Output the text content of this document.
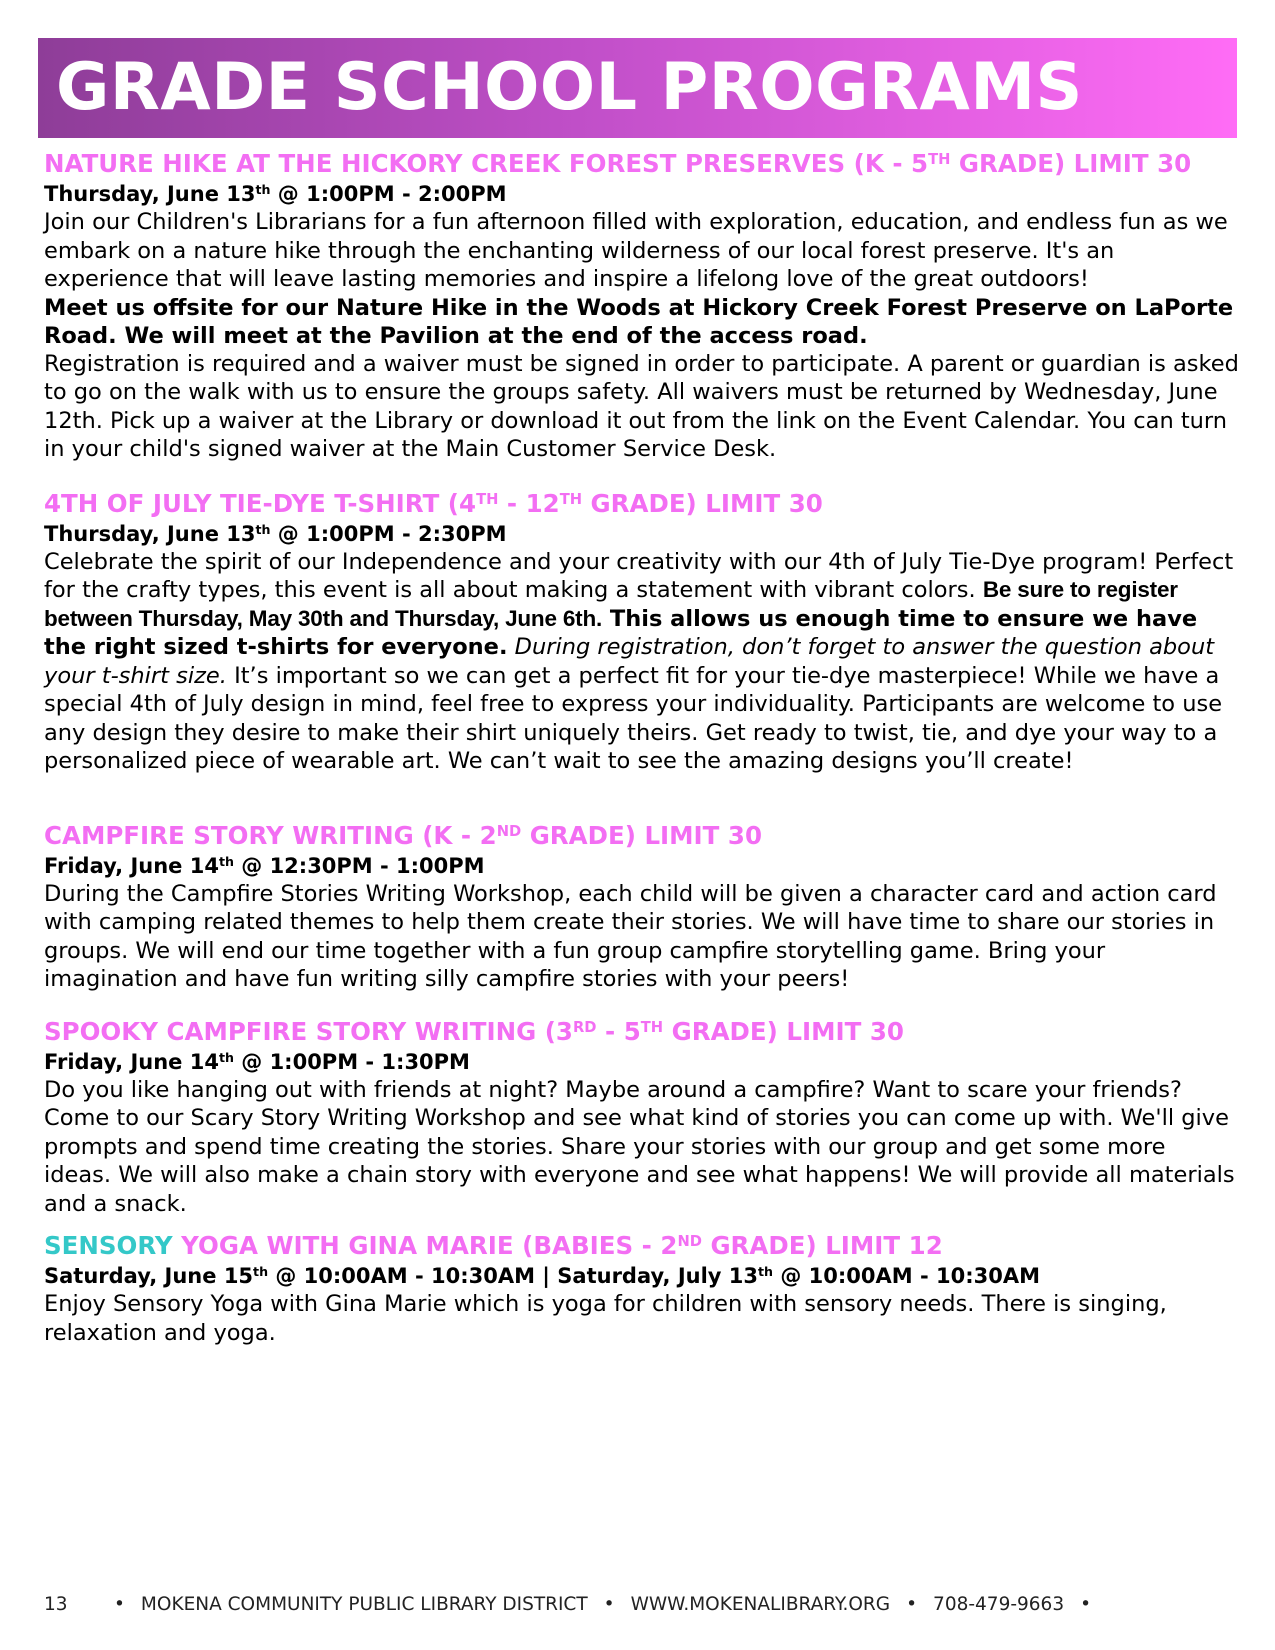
GRADE SCHOOL PROGRAMS
NATURE HIKE AT THE HICKORY CREEK FOREST PRESERVES (K - 5TH GRADE) LIMIT 30
Thursday, June 13th @ 1:00PM - 2:00PM

Join our Children's Librarians for a fun afternoon filled with exploration, education, and endless fun as we embark on a nature hike through the enchanting wilderness of our local forest preserve. It's an experience that will leave lasting memories and inspire a lifelong love of the great outdoors!

Meet us offsite for our Nature Hike in the Woods at Hickory Creek Forest Preserve on LaPorte Road. We will meet at the Pavilion at the end of the access road.

Registration is required and a waiver must be signed in order to participate. A parent or guardian is asked to go on the walk with us to ensure the groups safety. All waivers must be returned by Wednesday, June 12th. Pick up a waiver at the Library or download it out from the link on the Event Calendar. You can turn in your child's signed waiver at the Main Customer Service Desk.

4TH OF JULY TIE-DYE T-SHIRT (4TH - 12TH GRADE) LIMIT 30
Thursday, June 13th @ 1:00PM - 2:30PM

Celebrate the spirit of our Independence and your creativity with our 4th of July Tie-Dye program! Perfect for the crafty types, this event is all about making a statement with vibrant colors. Be sure to register between Thursday, May 30th and Thursday, June 6th. This allows us enough time to ensure we have the right sized t-shirts for everyone. During registration, don’t forget to answer the question about your t-shirt size. It’s important so we can get a perfect fit for your tie-dye masterpiece! While we have a special 4th of July design in mind, feel free to express your individuality. Participants are welcome to use any design they desire to make their shirt uniquely theirs. Get ready to twist, tie, and dye your way to a personalized piece of wearable art. We can’t wait to see the amazing designs you’ll create!

CAMPFIRE STORY WRITING (K - 2ND GRADE) LIMIT 30
Friday, June 14th @ 12:30PM - 1:00PM

During the Campfire Stories Writing Workshop, each child will be given a character card and action card with camping related themes to help them create their stories. We will have time to share our stories in groups. We will end our time together with a fun group campfire storytelling game. Bring your imagination and have fun writing silly campfire stories with your peers!

SPOOKY CAMPFIRE STORY WRITING (3RD - 5TH GRADE) LIMIT 30
Friday, June 14th @ 1:00PM - 1:30PM

Do you like hanging out with friends at night? Maybe around a campfire? Want to scare your friends? Come to our Scary Story Writing Workshop and see what kind of stories you can come up with. We'll give prompts and spend time creating the stories. Share your stories with our group and get some more ideas. We will also make a chain story with everyone and see what happens! We will provide all materials and a snack.

SENSORY YOGA WITH GINA MARIE (BABIES - 2ND GRADE) LIMIT 12
Saturday, June 15th @ 10:00AM - 10:30AM | Saturday, July 13th @ 10:00AM - 10:30AM

Enjoy Sensory Yoga with Gina Marie which is yoga for children with sensory needs. There is singing, relaxation and yoga.

13	• MOKENA COMMUNITY PUBLIC LIBRARY DISTRICT • WWW.MOKENALIBRARY.ORG • 708-479-9663 •
